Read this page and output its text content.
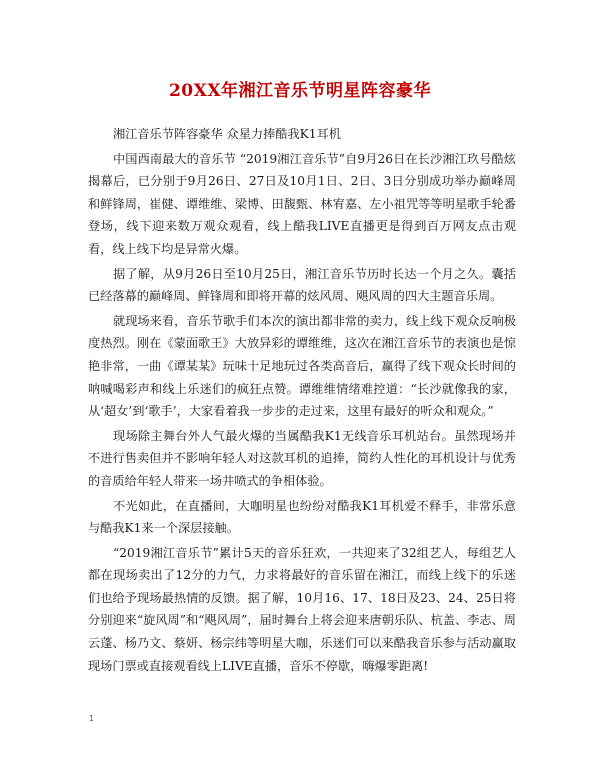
20XX年湘江音乐节明星阵容豪华

湘江音乐节阵容豪华 众星力捧酷我K1耳机

中国西南最大的音乐节 “2019湘江音乐节”自9月26日在长沙湘江玖号酷炫揭幕后，已分别于9月26日、27日及10月1日、2日、3日分别成功举办巅峰周和鲜锋周，崔健、谭维维、梁博、田馥甄、林宥嘉、左小祖咒等等明星歌手轮番登场，线下迎来数万观众观看，线上酷我LIVE直播更是得到百万网友点击观看，线上线下均是异常火爆。

据了解，从9月26日至10月25日，湘江音乐节历时长达一个月之久。囊括已经落幕的巅峰周、鲜锋周和即将开幕的炫风周、飓风周的四大主题音乐周。

就现场来看，音乐节歌手们本次的演出都非常的卖力，线上线下观众反响极度热烈。刚在《蒙面歌王》大放异彩的谭维维，这次在湘江音乐节的表演也是惊艳非常，一曲《谭某某》玩味十足地玩过各类高音后，赢得了线下观众长时间的呐喊喝彩声和线上乐迷们的疯狂点赞。谭维维情绪难控道：“长沙就像我的家，从‘超女’到‘歌手’，大家看着我一步步的走过来，这里有最好的听众和观众。”

现场除主舞台外人气最火爆的当属酷我K1无线音乐耳机站台。虽然现场并不进行售卖但并不影响年轻人对这款耳机的追捧，简约人性化的耳机设计与优秀的音质给年轻人带来一场井喷式的争相体验。

不光如此，在直播间，大咖明星也纷纷对酷我K1耳机爱不释手，非常乐意与酷我K1来一个深层接触。

“2019湘江音乐节”累计5天的音乐狂欢，一共迎来了32组艺人，每组艺人都在现场卖出了12分的力气，力求将最好的音乐留在湘江，而线上线下的乐迷们也给予现场最热情的反馈。据了解，10月16、17、18日及23、24、25日将分别迎来“旋风周”和“飓风周”，届时舞台上将会迎来唐朝乐队、杭盖、李志、周云蓬、杨乃文、蔡妍、杨宗纬等明星大咖，乐迷们可以来酷我音乐参与活动赢取现场门票或直接观看线上LIVE直播，音乐不停歇，嗨爆零距离!

1
